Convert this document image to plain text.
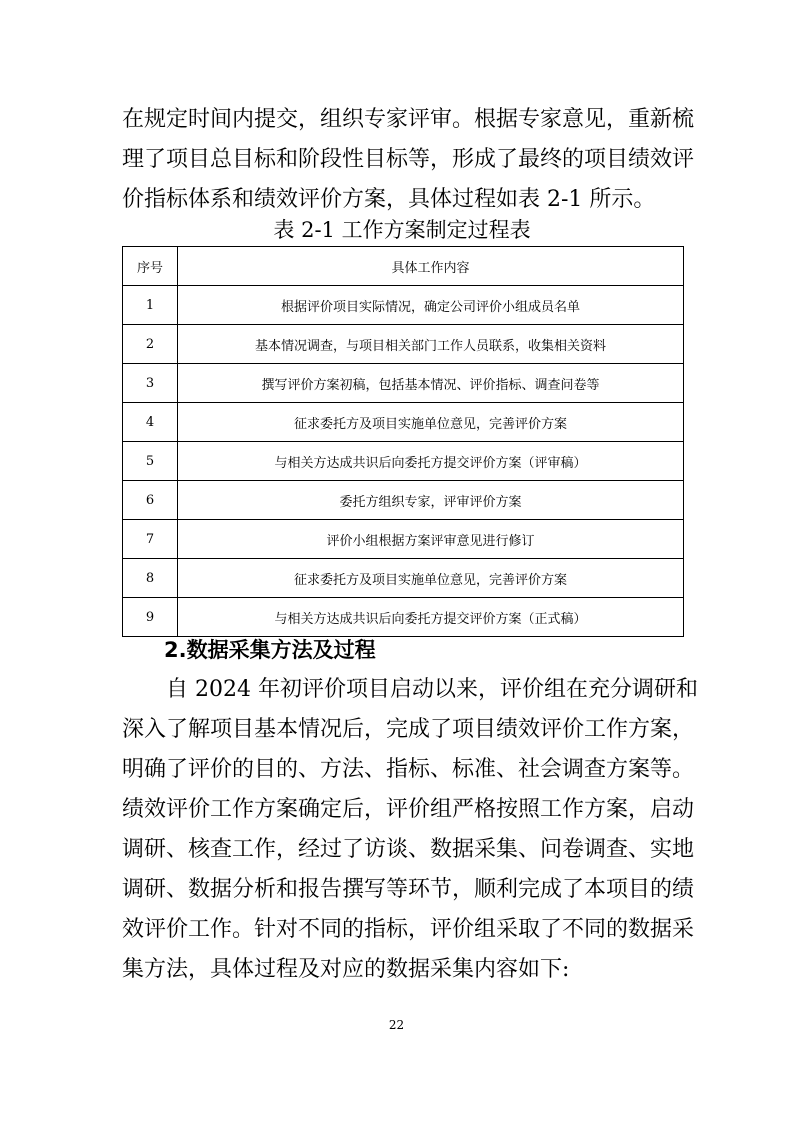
在规定时间内提交，组织专家评审。根据专家意见，重新梳
理了项目总目标和阶段性目标等，形成了最终的项目绩效评
价指标体系和绩效评价方案，具体过程如表 2-1 所示。

表 2-1 工作方案制定过程表

序号	具体工作内容
1	根据评价项目实际情况，确定公司评价小组成员名单
2	基本情况调查，与项目相关部门工作人员联系，收集相关资料
3	撰写评价方案初稿，包括基本情况、评价指标、调查问卷等
4	征求委托方及项目实施单位意见，完善评价方案
5	与相关方达成共识后向委托方提交评价方案（评审稿）
6	委托方组织专家，评审评价方案
7	评价小组根据方案评审意见进行修订
8	征求委托方及项目实施单位意见，完善评价方案
9	与相关方达成共识后向委托方提交评价方案（正式稿）
2.数据采集方法及过程
　　自 2024 年初评价项目启动以来，评价组在充分调研和
深入了解项目基本情况后，完成了项目绩效评价工作方案，
明确了评价的目的、方法、指标、标准、社会调查方案等。
绩效评价工作方案确定后，评价组严格按照工作方案，启动
调研、核查工作，经过了访谈、数据采集、问卷调查、实地
调研、数据分析和报告撰写等环节，顺利完成了本项目的绩
效评价工作。针对不同的指标，评价组采取了不同的数据采
集方法，具体过程及对应的数据采集内容如下:
22
